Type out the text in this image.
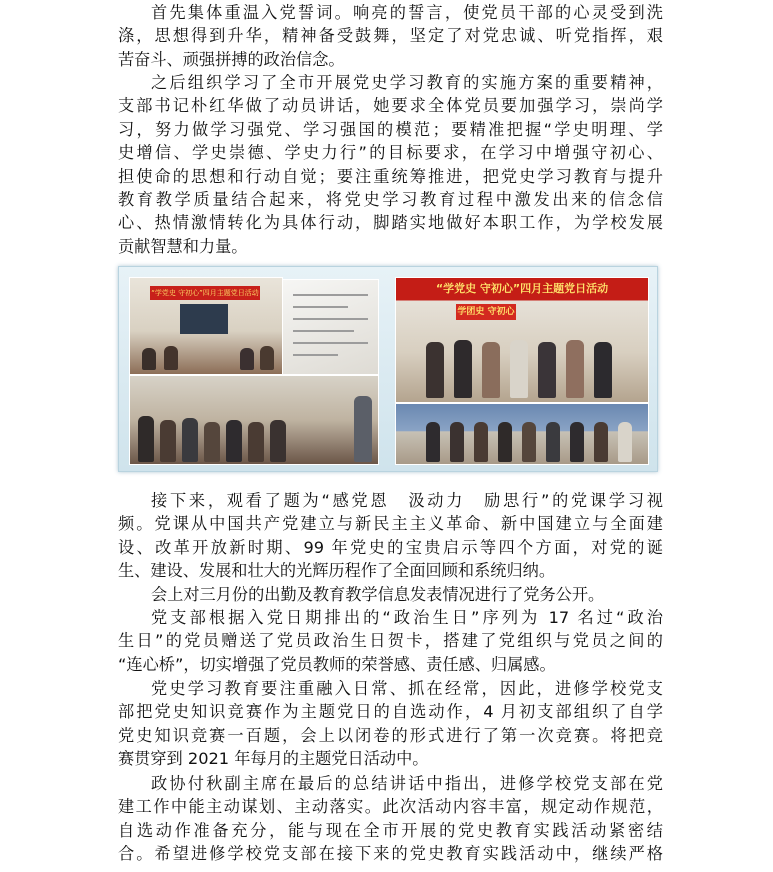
首先集体重温入党誓词。响亮的誓言，使党员干部的心灵受到洗
涤，思想得到升华，精神备受鼓舞，坚定了对党忠诚、听党指挥，艰
苦奋斗、顽强拼搏的政治信念。
之后组织学习了全市开展党史学习教育的实施方案的重要精神，
支部书记朴红华做了动员讲话，她要求全体党员要加强学习，崇尚学
习，努力做学习强党、学习强国的模范；要精准把握“学史明理、学
史增信、学史崇德、学史力行”的目标要求，在学习中增强守初心、
担使命的思想和行动自觉；要注重统筹推进，把党史学习教育与提升
教育教学质量结合起来，将党史学习教育过程中激发出来的信念信
心、热情激情转化为具体行动，脚踏实地做好本职工作，为学校发展
贡献智慧和力量。
“学党史 守初心”四月主题党日活动	“学党史 守初心”四月主题党日活动
学团史 守初心
接下来，观看了题为“感党恩　汲动力　励思行”的党课学习视
频。党课从中国共产党建立与新民主主义革命、新中国建立与全面建
设、改革开放新时期、99 年党史的宝贵启示等四个方面，对党的诞
生、建设、发展和壮大的光辉历程作了全面回顾和系统归纳。
会上对三月份的出勤及教育教学信息发表情况进行了党务公开。
党支部根据入党日期排出的“政治生日”序列为 17 名过“政治
生日”的党员赠送了党员政治生日贺卡，搭建了党组织与党员之间的
“连心桥”，切实增强了党员教师的荣誉感、责任感、归属感。
党史学习教育要注重融入日常、抓在经常，因此，进修学校党支
部把党史知识竞赛作为主题党日的自选动作，4 月初支部组织了自学
党史知识竞赛一百题，会上以闭卷的形式进行了第一次竞赛。将把竞
赛贯穿到 2021 年每月的主题党日活动中。
政协付秋副主席在最后的总结讲话中指出，进修学校党支部在党
建工作中能主动谋划、主动落实。此次活动内容丰富，规定动作规范，
自选动作准备充分，能与现在全市开展的党史教育实践活动紧密结
合。希望进修学校党支部在接下来的党史教育实践活动中，继续严格
